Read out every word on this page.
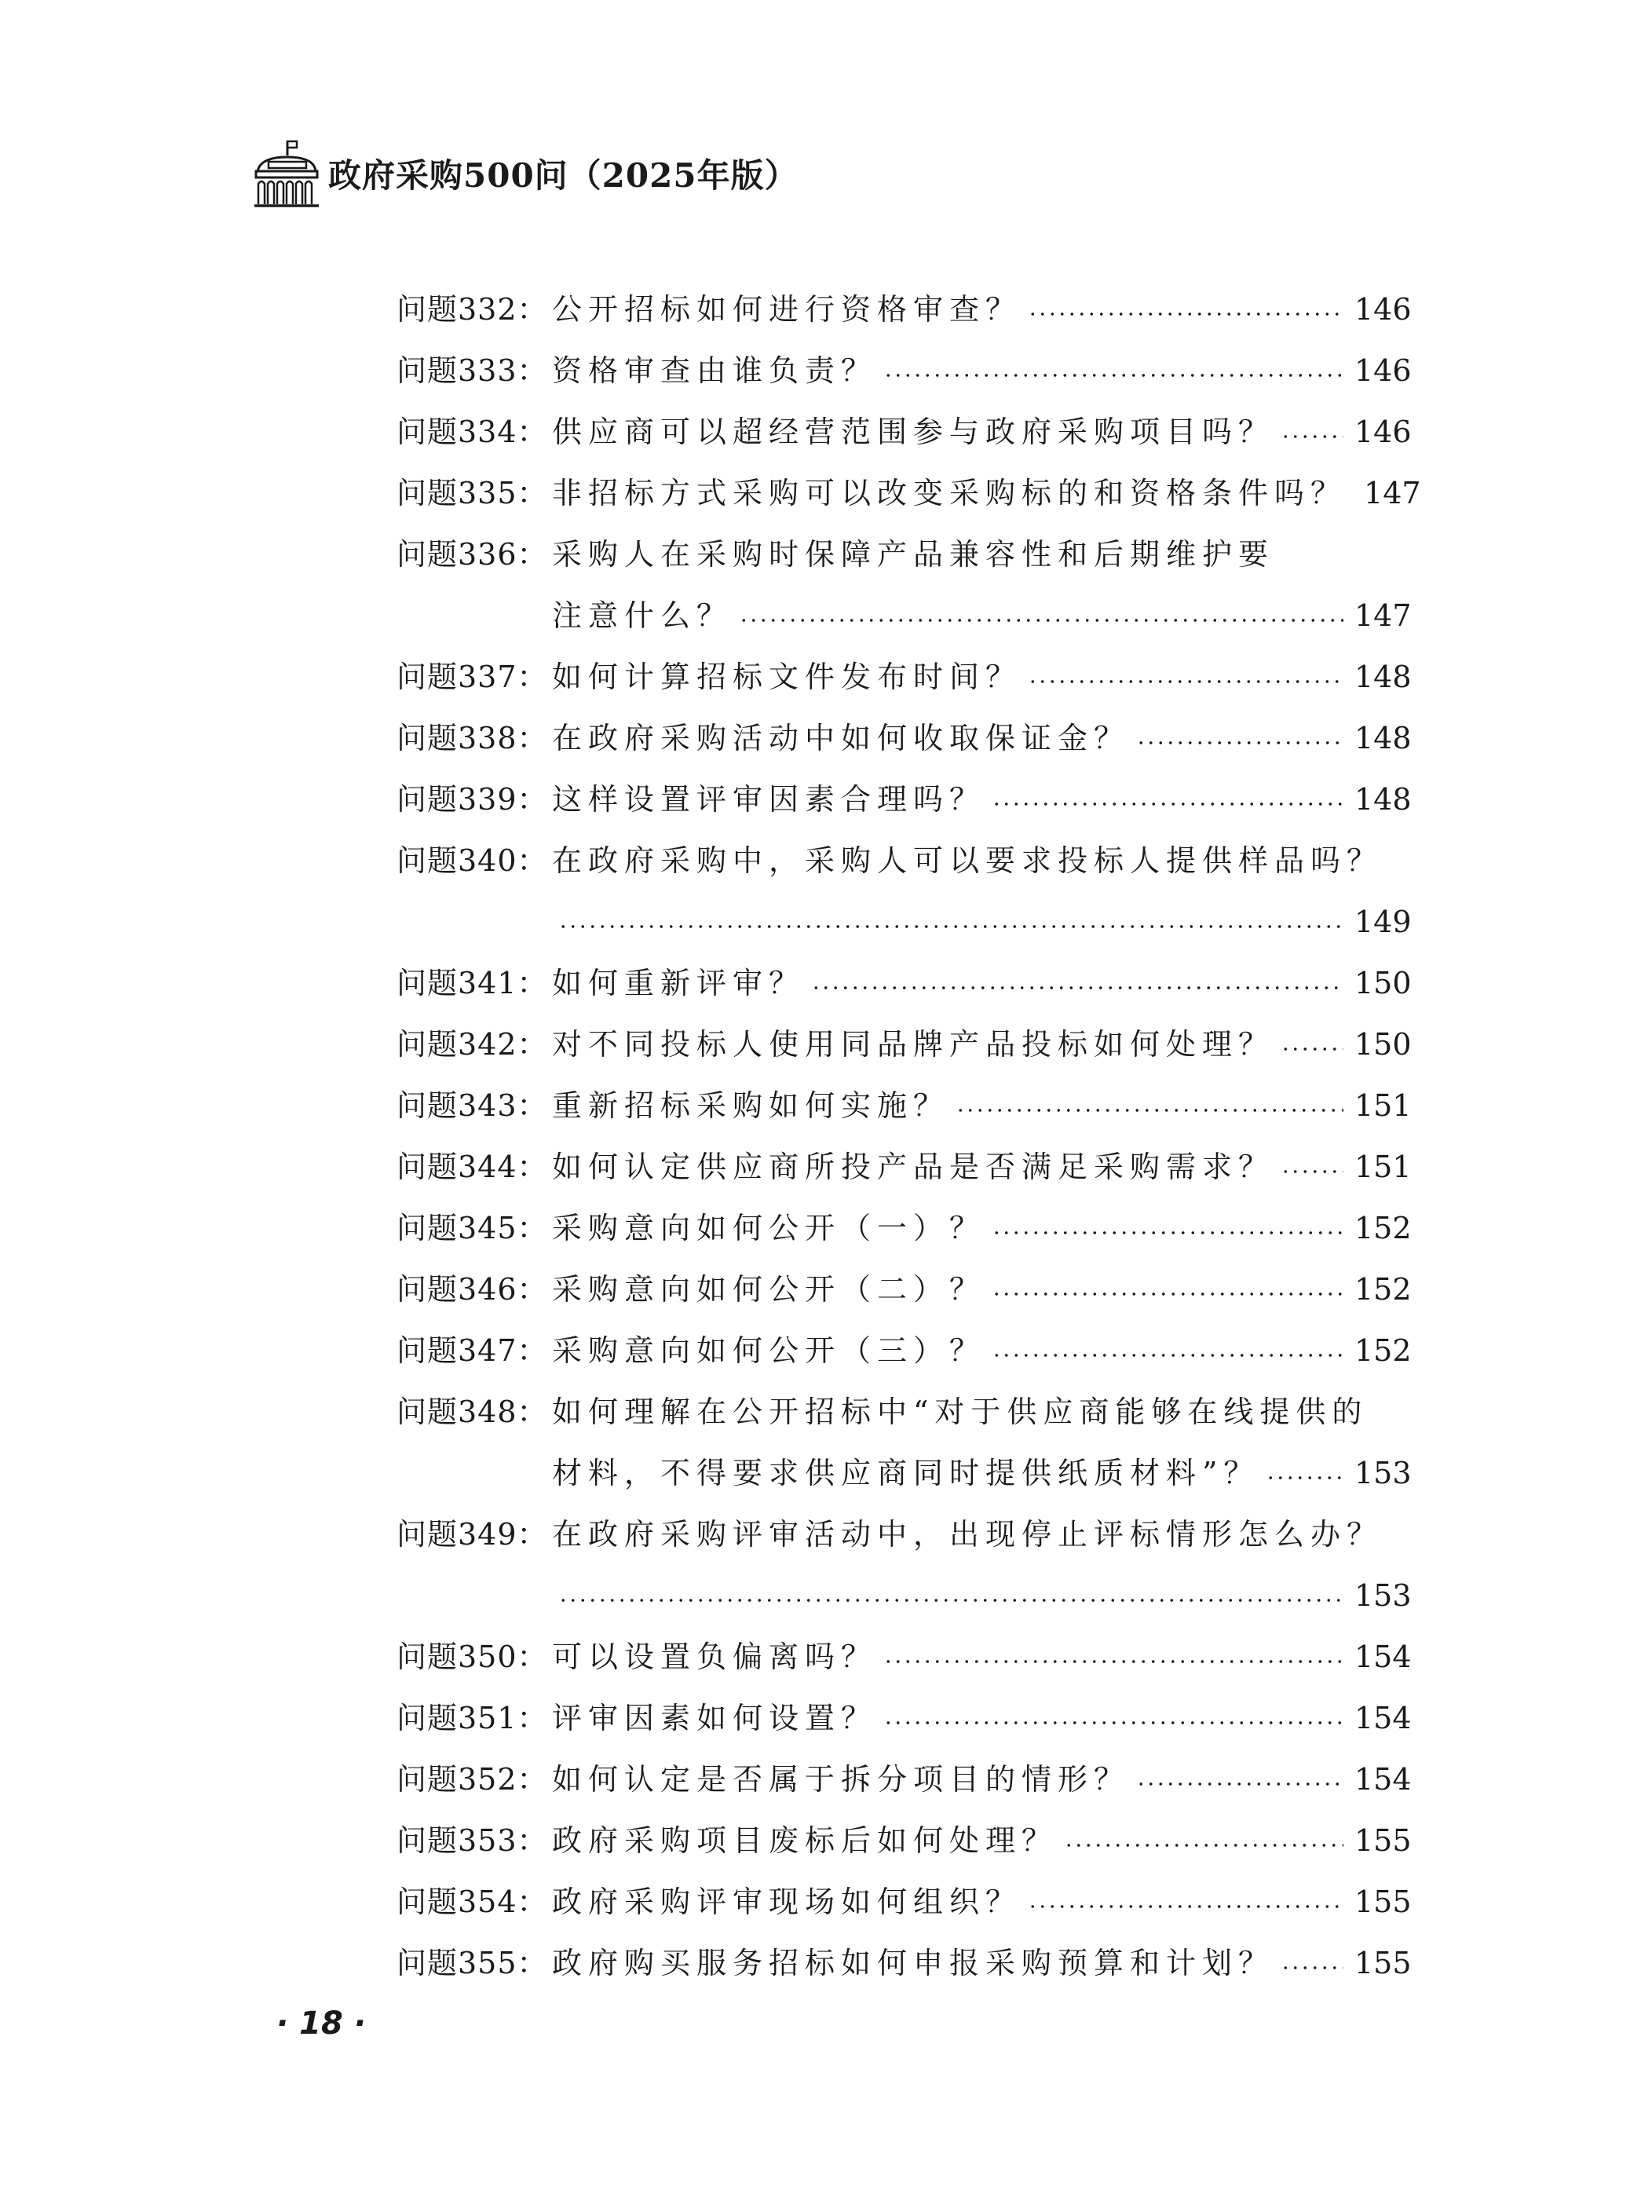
政府采购500问（2025年版）
问题332： 公开招标如何进行资格审查？	146
问题333： 资格审查由谁负责？	146
问题334： 供应商可以超经营范围参与政府采购项目吗？	146
问题335： 非招标方式采购可以改变采购标的和资格条件吗？ 147
问题336： 采购人在采购时保障产品兼容性和后期维护要
注意什么？	147
问题337： 如何计算招标文件发布时间？	148
问题338： 在政府采购活动中如何收取保证金？	148
问题339： 这样设置评审因素合理吗？	148
问题340： 在政府采购中，采购人可以要求投标人提供样品吗？
149
问题341： 如何重新评审？	150
问题342： 对不同投标人使用同品牌产品投标如何处理？	150
问题343： 重新招标采购如何实施？	151
问题344： 如何认定供应商所投产品是否满足采购需求？	151
问题345： 采购意向如何公开（一）？	152
问题346： 采购意向如何公开（二）？	152
问题347： 采购意向如何公开（三）？	152
问题348： 如何理解在公开招标中“对于供应商能够在线提供的
材料，不得要求供应商同时提供纸质材料”？	153
问题349： 在政府采购评审活动中，出现停止评标情形怎么办？
153
问题350： 可以设置负偏离吗？	154
问题351： 评审因素如何设置？	154
问题352： 如何认定是否属于拆分项目的情形？	154
问题353： 政府采购项目废标后如何处理？	155
问题354： 政府采购评审现场如何组织？	155
问题355： 政府购买服务招标如何申报采购预算和计划？	155
· 18 ·
